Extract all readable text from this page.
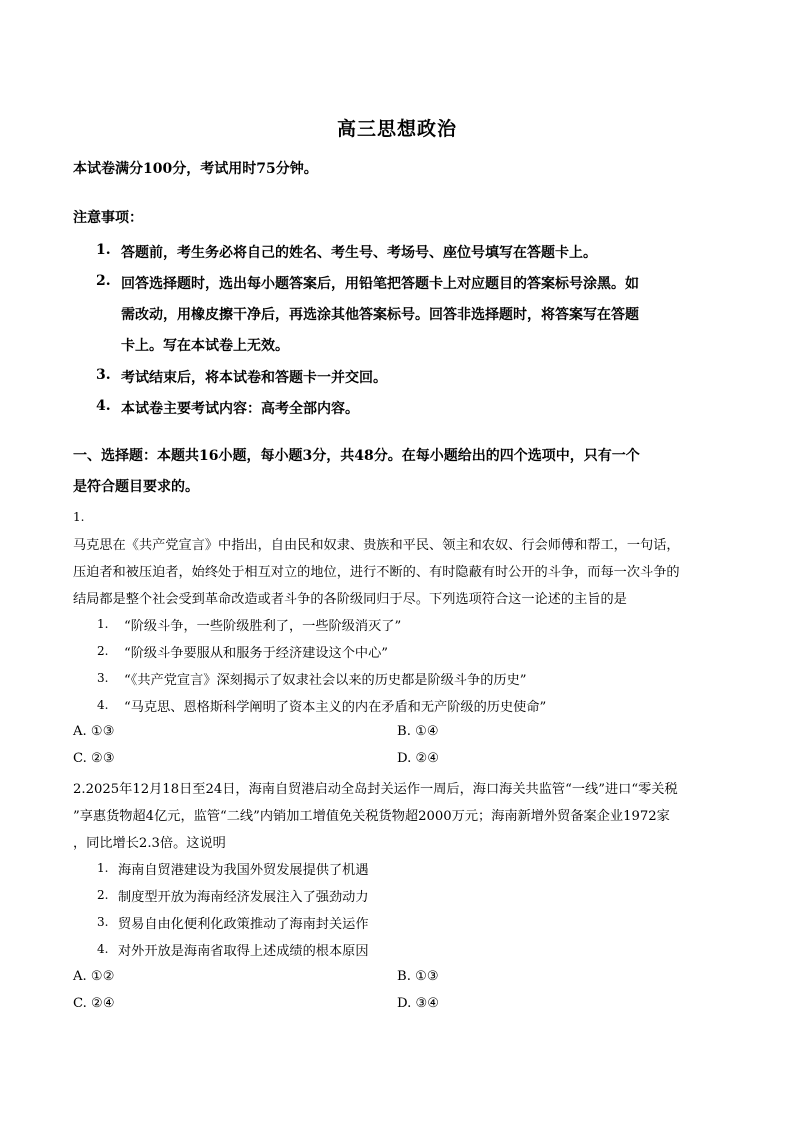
高三思想政治
本试卷满分100分，考试用时75分钟。
注意事项：
1. 答题前，考生务必将自己的姓名、考生号、考场号、座位号填写在答题卡上。
2. 回答选择题时，选出每小题答案后，用铅笔把答题卡上对应题目的答案标号涂黑。如
需改动，用橡皮擦干净后，再选涂其他答案标号。回答非选择题时，将答案写在答题
卡上。写在本试卷上无效。
3. 考试结束后，将本试卷和答题卡一并交回。
4. 本试卷主要考试内容：高考全部内容。
一、选择题：本题共16小题，每小题3分，共48分。在每小题给出的四个选项中，只有一个
是符合题目要求的。
1.
马克思在《共产党宣言》中指出，自由民和奴隶、贵族和平民、领主和农奴、行会师傅和帮工，一句话，
压迫者和被压迫者，始终处于相互对立的地位，进行不断的、有时隐蔽有时公开的斗争，而每一次斗争的
结局都是整个社会受到革命改造或者斗争的各阶级同归于尽。下列选项符合这一论述的主旨的是
1. “阶级斗争，一些阶级胜利了，一些阶级消灭了”
2. “阶级斗争要服从和服务于经济建设这个中心”
3. “《共产党宣言》深刻揭示了奴隶社会以来的历史都是阶级斗争的历史”
4. “马克思、恩格斯科学阐明了资本主义的内在矛盾和无产阶级的历史使命”
A. ①③	B. ①④
C. ②③	D. ②④
2.2025年12月18日至24日，海南自贸港启动全岛封关运作一周后，海口海关共监管“一线”进口“零关税
”享惠货物超4亿元，监管“二线”内销加工增值免关税货物超2000万元；海南新增外贸备案企业1972家
，同比增长2.3倍。这说明
1. 海南自贸港建设为我国外贸发展提供了机遇
2. 制度型开放为海南经济发展注入了强劲动力
3. 贸易自由化便利化政策推动了海南封关运作
4. 对外开放是海南省取得上述成绩的根本原因
A. ①②	B. ①③
C. ②④	D. ③④
